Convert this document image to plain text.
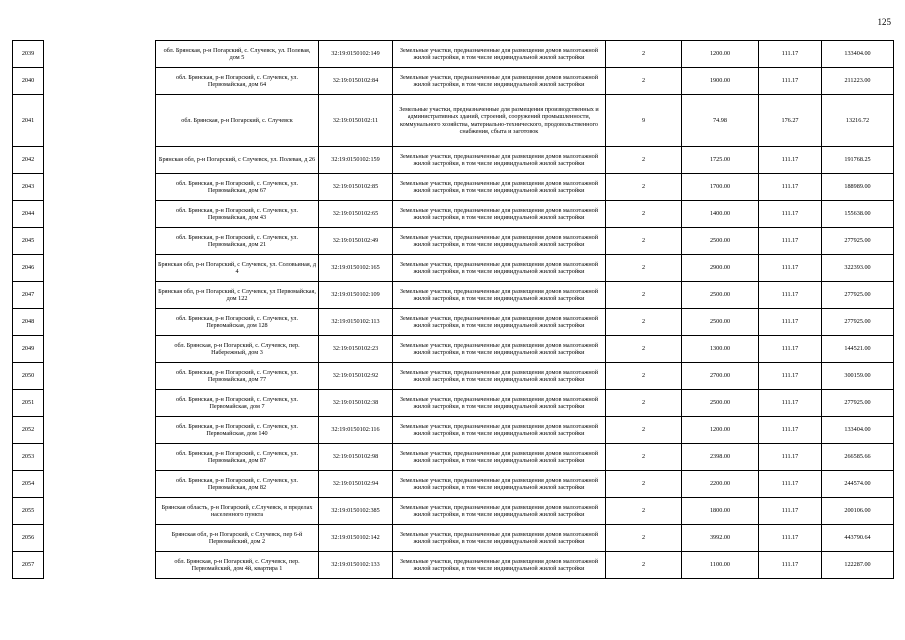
125
2039		обл. Брянская, р-н Погарский, с. Случевск, ул. Полевая, дом 5	32:19:0150102:149	Земельные участки, предназначенные для размещения домов малоэтажной жилой застройки, в том числе индивидуальной жилой застройки	2	1200.00	111.17	133404.00
2040		обл. Брянская, р-н Погарский, с. Случевск, ул. Первомайская, дом 64	32:19:0150102:84	Земельные участки, предназначенные для размещения домов малоэтажной жилой застройки, в том числе индивидуальной жилой застройки	2	1900.00	111.17	211223.00
2041		обл. Брянская, р-н Погарский, с. Случевск	32:19:0150102:11	Земельные участки, предназначенные для размещения производственных и административных зданий, строений, сооружений промышленности, коммунального хозяйства, материально-технического, продовольственного снабжения, сбыта и заготовок	9	74.98	176.27	13216.72
2042		Брянская обл, р-н Погарский, с Случевск, ул. Полевая, д 26	32:19:0150102:159	Земельные участки, предназначенные для размещения домов малоэтажной жилой застройки, в том числе индивидуальной жилой застройки	2	1725.00	111.17	191768.25
2043		обл. Брянская, р-н Погарский, с. Случевск, ул. Первомайская, дом 67	32:19:0150102:85	Земельные участки, предназначенные для размещения домов малоэтажной жилой застройки, в том числе индивидуальной жилой застройки	2	1700.00	111.17	188989.00
2044		обл. Брянская, р-н Погарский, с. Случевск, ул. Первомайская, дом 43	32:19:0150102:65	Земельные участки, предназначенные для размещения домов малоэтажной жилой застройки, в том числе индивидуальной жилой застройки	2	1400.00	111.17	155638.00
2045		обл. Брянская, р-н Погарский, с. Случевск, ул. Первомайская, дом 21	32:19:0150102:49	Земельные участки, предназначенные для размещения домов малоэтажной жилой застройки, в том числе индивидуальной жилой застройки	2	2500.00	111.17	277925.00
2046		Брянская обл, р-н Погарский, с Случевск, ул. Соловьиная, д 4	32:19:0150102:165	Земельные участки, предназначенные для размещения домов малоэтажной жилой застройки, в том числе индивидуальной жилой застройки	2	2900.00	111.17	322393.00
2047		Брянская обл, р-н Погарский, с Случевск, ул Первомайская, дом 122	32:19:0150102:109	Земельные участки, предназначенные для размещения домов малоэтажной жилой застройки, в том числе индивидуальной жилой застройки	2	2500.00	111.17	277925.00
2048		обл. Брянская, р-н Погарский, с. Случевск, ул. Первомайская, дом 128	32:19:0150102:113	Земельные участки, предназначенные для размещения домов малоэтажной жилой застройки, в том числе индивидуальной жилой застройки	2	2500.00	111.17	277925.00
2049		обл. Брянская, р-н Погарский, с. Случевск, пер. Набережный, дом 3	32:19:0150102:23	Земельные участки, предназначенные для размещения домов малоэтажной жилой застройки, в том числе индивидуальной жилой застройки	2	1300.00	111.17	144521.00
2050		обл. Брянская, р-н Погарский, с. Случевск, ул. Первомайская, дом 77	32:19:0150102:92	Земельные участки, предназначенные для размещения домов малоэтажной жилой застройки, в том числе индивидуальной жилой застройки	2	2700.00	111.17	300159.00
2051		обл. Брянская, р-н Погарский, с. Случевск, ул. Первомайская, дом 7	32:19:0150102:38	Земельные участки, предназначенные для размещения домов малоэтажной жилой застройки, в том числе индивидуальной жилой застройки	2	2500.00	111.17	277925.00
2052		обл. Брянская, р-н Погарский, с. Случевск, ул. Первомайская, дом 140	32:19:0150102:116	Земельные участки, предназначенные для размещения домов малоэтажной жилой застройки, в том числе индивидуальной жилой застройки	2	1200.00	111.17	133404.00
2053		обл. Брянская, р-н Погарский, с. Случевск, ул. Первомайская, дом 87	32:19:0150102:98	Земельные участки, предназначенные для размещения домов малоэтажной жилой застройки, в том числе индивидуальной жилой застройки	2	2398.00	111.17	266585.66
2054		обл. Брянская, р-н Погарский, с. Случевск, ул. Первомайская, дом 82	32:19:0150102:94	Земельные участки, предназначенные для размещения домов малоэтажной жилой застройки, в том числе индивидуальной жилой застройки	2	2200.00	111.17	244574.00
2055		Брянская область, р-н Погарский, с.Случевск, в пределах населенного пункта	32:19:0150102:385	Земельные участки, предназначенные для размещения домов малоэтажной жилой застройки, в том числе индивидуальной жилой застройки	2	1800.00	111.17	200106.00
2056		Брянская обл, р-н Погарский, с Случевск, пер 6-й Первомайский, дом 2	32:19:0150102:142	Земельные участки, предназначенные для размещения домов малоэтажной жилой застройки, в том числе индивидуальной жилой застройки	2	3992.00	111.17	443790.64
2057		обл. Брянская, р-н Погарский, с. Случевск, пер. Первомайский, дом 4й, квартира 1	32:19:0150102:133	Земельные участки, предназначенные для размещения домов малоэтажной жилой застройки, в том числе индивидуальной жилой застройки	2	1100.00	111.17	122287.00
